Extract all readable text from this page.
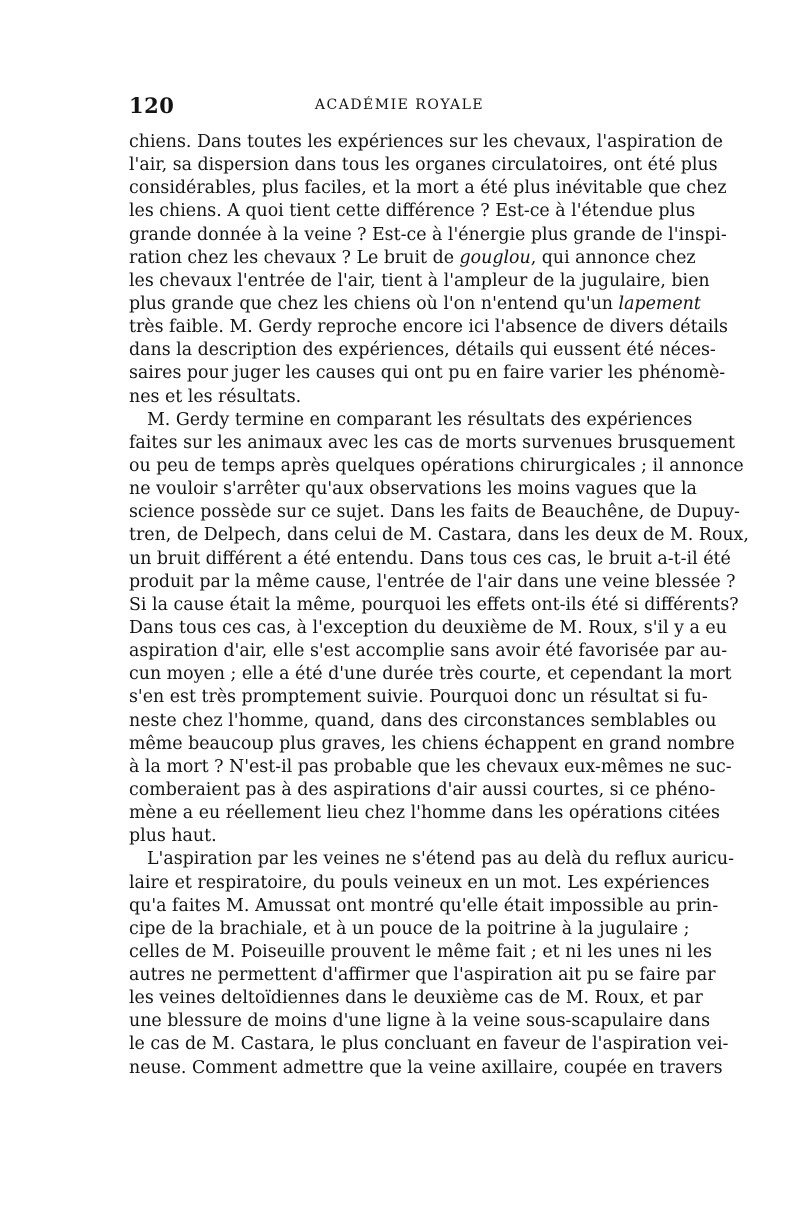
120	ACADÉMIE ROYALE
chiens. Dans toutes les expériences sur les chevaux, l'aspiration de
l'air, sa dispersion dans tous les organes circulatoires, ont été plus
considérables, plus faciles, et la mort a été plus inévitable que chez
les chiens. A quoi tient cette différence ? Est-ce à l'étendue plus
grande donnée à la veine ? Est-ce à l'énergie plus grande de l'inspi-
ration chez les chevaux ? Le bruit de gouglou, qui annonce chez
les chevaux l'entrée de l'air, tient à l'ampleur de la jugulaire, bien
plus grande que chez les chiens où l'on n'entend qu'un lapement
très faible. M. Gerdy reproche encore ici l'absence de divers détails
dans la description des expériences, détails qui eussent été néces-
saires pour juger les causes qui ont pu en faire varier les phénomè-
nes et les résultats.
M. Gerdy termine en comparant les résultats des expériences
faites sur les animaux avec les cas de morts survenues brusquement
ou peu de temps après quelques opérations chirurgicales ; il annonce
ne vouloir s'arrêter qu'aux observations les moins vagues que la
science possède sur ce sujet. Dans les faits de Beauchêne, de Dupuy-
tren, de Delpech, dans celui de M. Castara, dans les deux de M. Roux,
un bruit différent a été entendu. Dans tous ces cas, le bruit a-t-il été
produit par la même cause, l'entrée de l'air dans une veine blessée ?
Si la cause était la même, pourquoi les effets ont-ils été si différents?
Dans tous ces cas, à l'exception du deuxième de M. Roux, s'il y a eu
aspiration d'air, elle s'est accomplie sans avoir été favorisée par au-
cun moyen ; elle a été d'une durée très courte, et cependant la mort
s'en est très promptement suivie. Pourquoi donc un résultat si fu-
neste chez l'homme, quand, dans des circonstances semblables ou
même beaucoup plus graves, les chiens échappent en grand nombre
à la mort ? N'est-il pas probable que les chevaux eux-mêmes ne suc-
comberaient pas à des aspirations d'air aussi courtes, si ce phéno-
mène a eu réellement lieu chez l'homme dans les opérations citées
plus haut.
L'aspiration par les veines ne s'étend pas au delà du reflux auricu-
laire et respiratoire, du pouls veineux en un mot. Les expériences
qu'a faites M. Amussat ont montré qu'elle était impossible au prin-
cipe de la brachiale, et à un pouce de la poitrine à la jugulaire ;
celles de M. Poiseuille prouvent le même fait ; et ni les unes ni les
autres ne permettent d'affirmer que l'aspiration ait pu se faire par
les veines deltoïdiennes dans le deuxième cas de M. Roux, et par
une blessure de moins d'une ligne à la veine sous-scapulaire dans
le cas de M. Castara, le plus concluant en faveur de l'aspiration vei-
neuse. Comment admettre que la veine axillaire, coupée en travers
